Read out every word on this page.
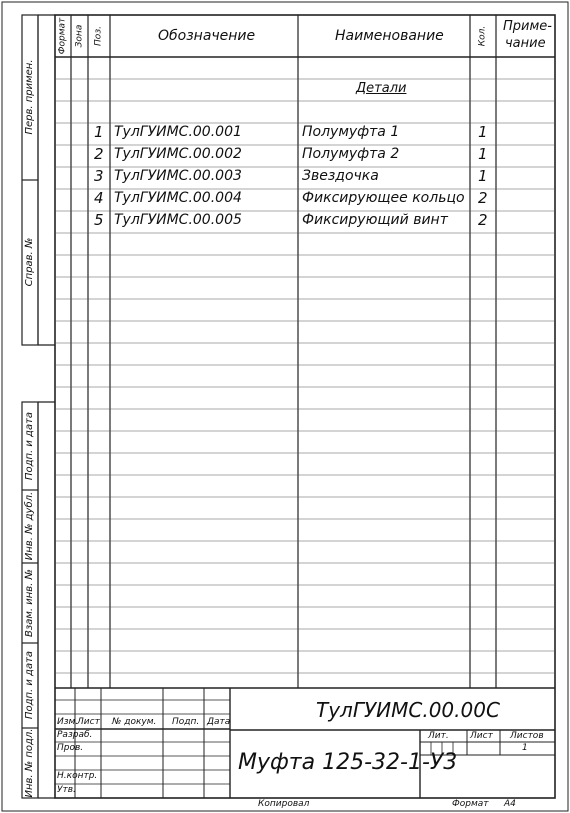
Формат Зона Поз.	Обозначение	Наименование	Кол. Приме-
чание
Детали
1 ТулГУИМС.00.001	Полумуфта 1	1
2 ТулГУИМС.00.002	Полумуфта 2	1
3 ТулГУИМС.00.003	Звездочка	1
4 ТулГУИМС.00.004	Фиксирующее кольцо 2
5 ТулГУИМС.00.005	Фиксирующий винт 2
Перв. примен.
Справ. №
Подп. и дата
Инв. № дубл.
Взам. инв. №
Подп. и дата
Инв. № подл.
ТулГУИМС.00.00С
Муфта 125-32-1-У3
Изм.
Лист № докум. Подп. Дата
Разраб.
Пров.
Н.контр.
Утв.
Лит. Лист Листов
1
Копировал	Формат А4
